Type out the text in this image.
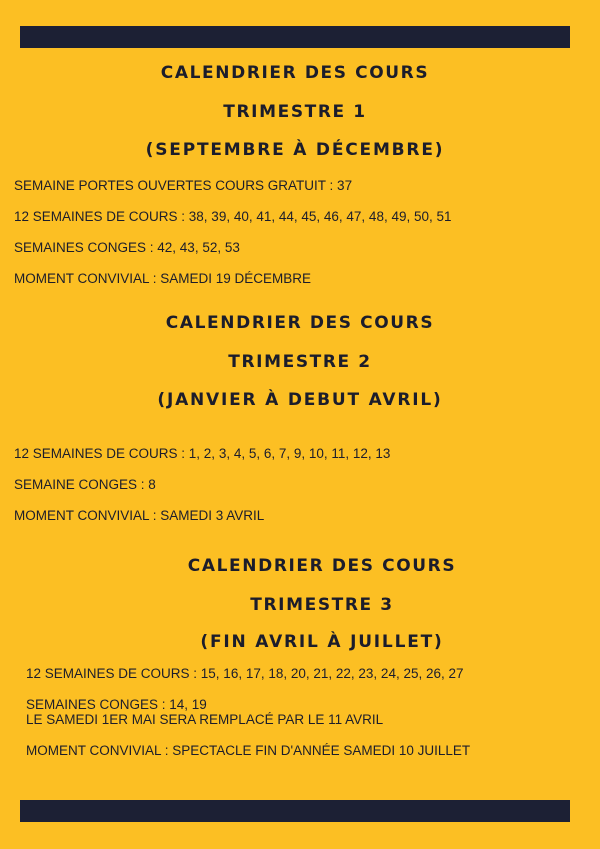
CALENDRIER DES COURS
TRIMESTRE 1
(SEPTEMBRE À DÉCEMBRE)

SEMAINE PORTES OUVERTES COURS GRATUIT : 37

12 SEMAINES DE COURS : 38, 39, 40, 41, 44, 45, 46, 47, 48, 49, 50, 51

SEMAINES CONGES : 42, 43, 52, 53

MOMENT CONVIVIAL : SAMEDI 19 DÉCEMBRE

CALENDRIER DES COURS
TRIMESTRE 2
(JANVIER À DEBUT AVRIL)

12 SEMAINES DE COURS : 1, 2, 3, 4, 5, 6, 7, 9, 10, 11, 12, 13

SEMAINE CONGES : 8

MOMENT CONVIVIAL : SAMEDI 3 AVRIL

CALENDRIER DES COURS
TRIMESTRE 3
(FIN AVRIL À JUILLET)

12 SEMAINES DE COURS : 15, 16, 17, 18, 20, 21, 22, 23, 24, 25, 26, 27

SEMAINES CONGES : 14, 19

LE SAMEDI 1ER MAI SERA REMPLACÉ PAR LE 11 AVRIL

MOMENT CONVIVIAL : SPECTACLE FIN D'ANNÉE SAMEDI 10 JUILLET
